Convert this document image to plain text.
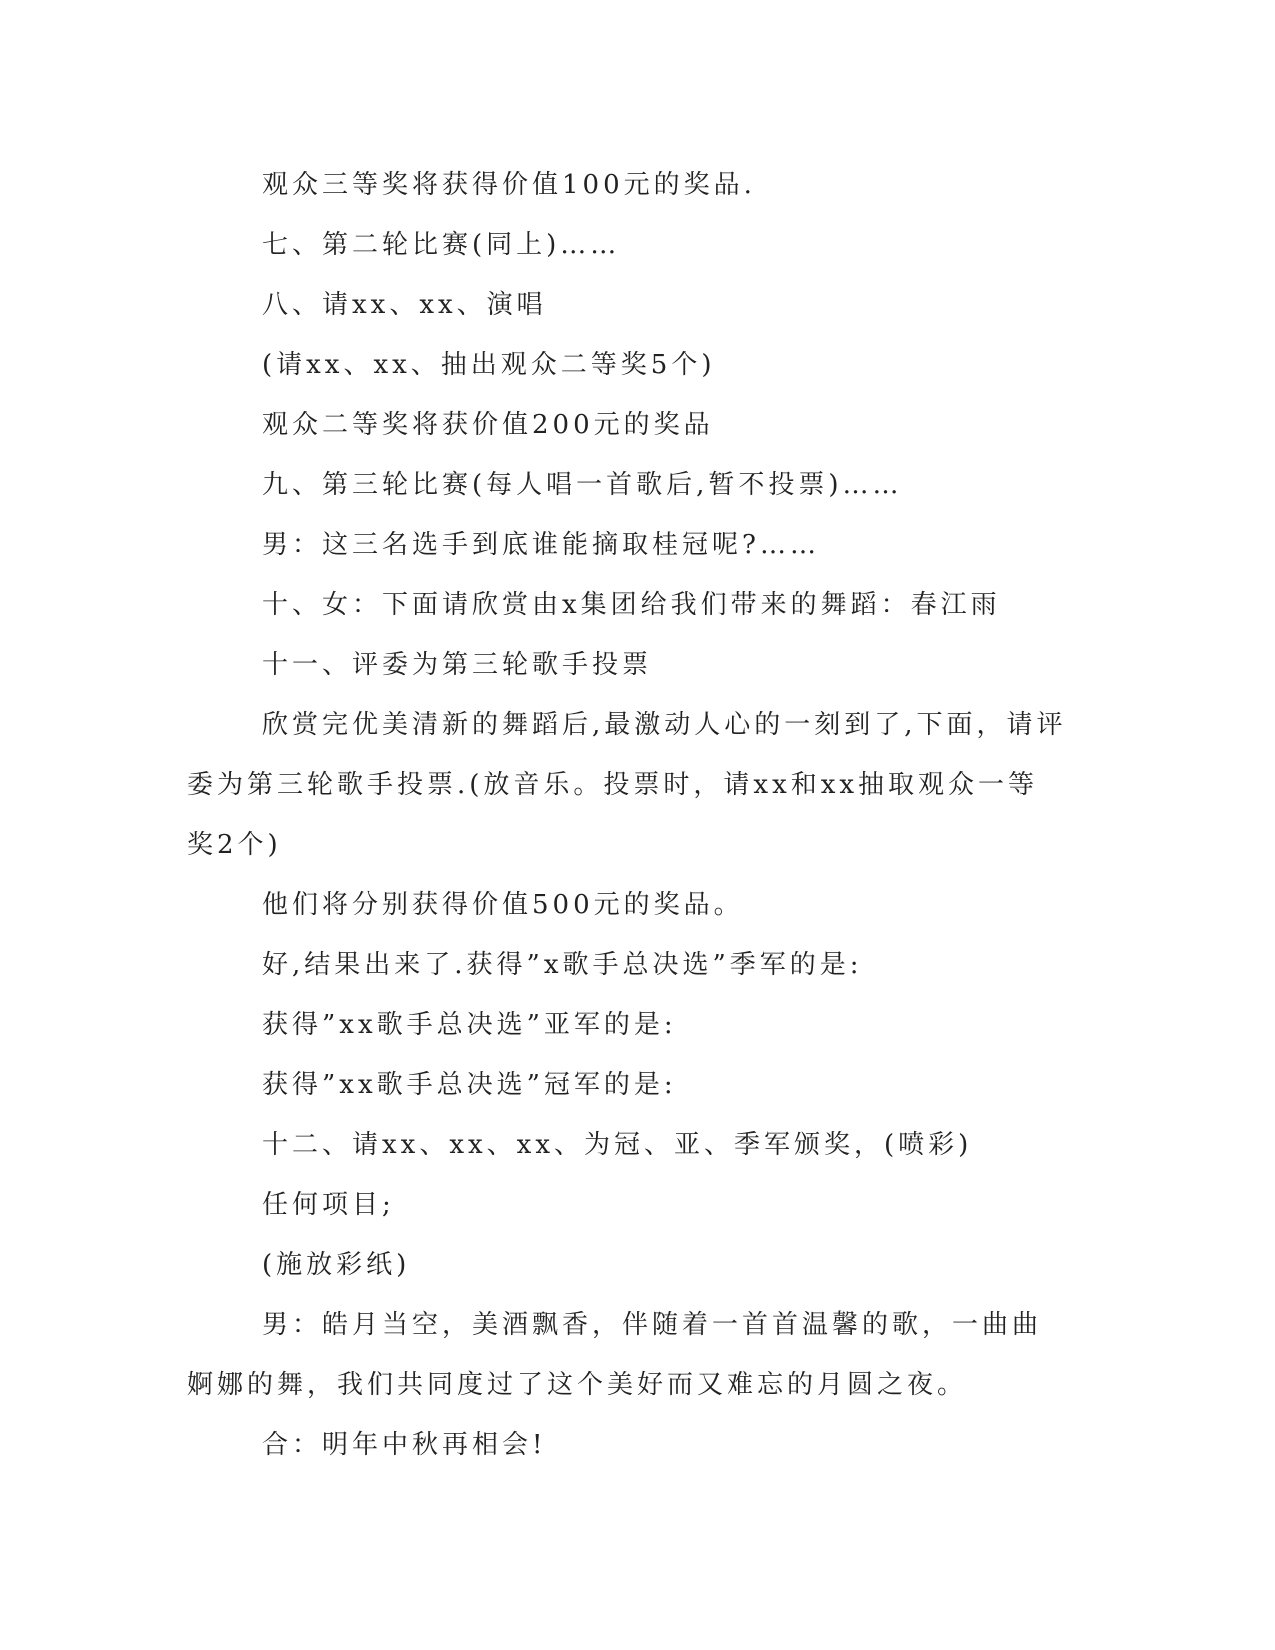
观众三等奖将获得价值100元的奖品.

七、第二轮比赛(同上)……

八、请xx、xx、演唱

(请xx、xx、抽出观众二等奖5个)

观众二等奖将获价值200元的奖品

九、第三轮比赛(每人唱一首歌后,暂不投票)……

男：这三名选手到底谁能摘取桂冠呢?……

十、女：下面请欣赏由x集团给我们带来的舞蹈：春江雨

十一、评委为第三轮歌手投票

欣赏完优美清新的舞蹈后,最激动人心的一刻到了,下面，请评委为第三轮歌手投票.(放音乐。投票时，请xx和xx抽取观众一等奖2个)

他们将分别获得价值500元的奖品。

好,结果出来了.获得”x歌手总决选”季军的是:

获得”xx歌手总决选”亚军的是:

获得”xx歌手总决选”冠军的是:

十二、请xx、xx、xx、为冠、亚、季军颁奖，(喷彩)

任何项目;

(施放彩纸)

男：皓月当空，美酒飘香，伴随着一首首温馨的歌，一曲曲婀娜的舞，我们共同度过了这个美好而又难忘的月圆之夜。

合：明年中秋再相会!
